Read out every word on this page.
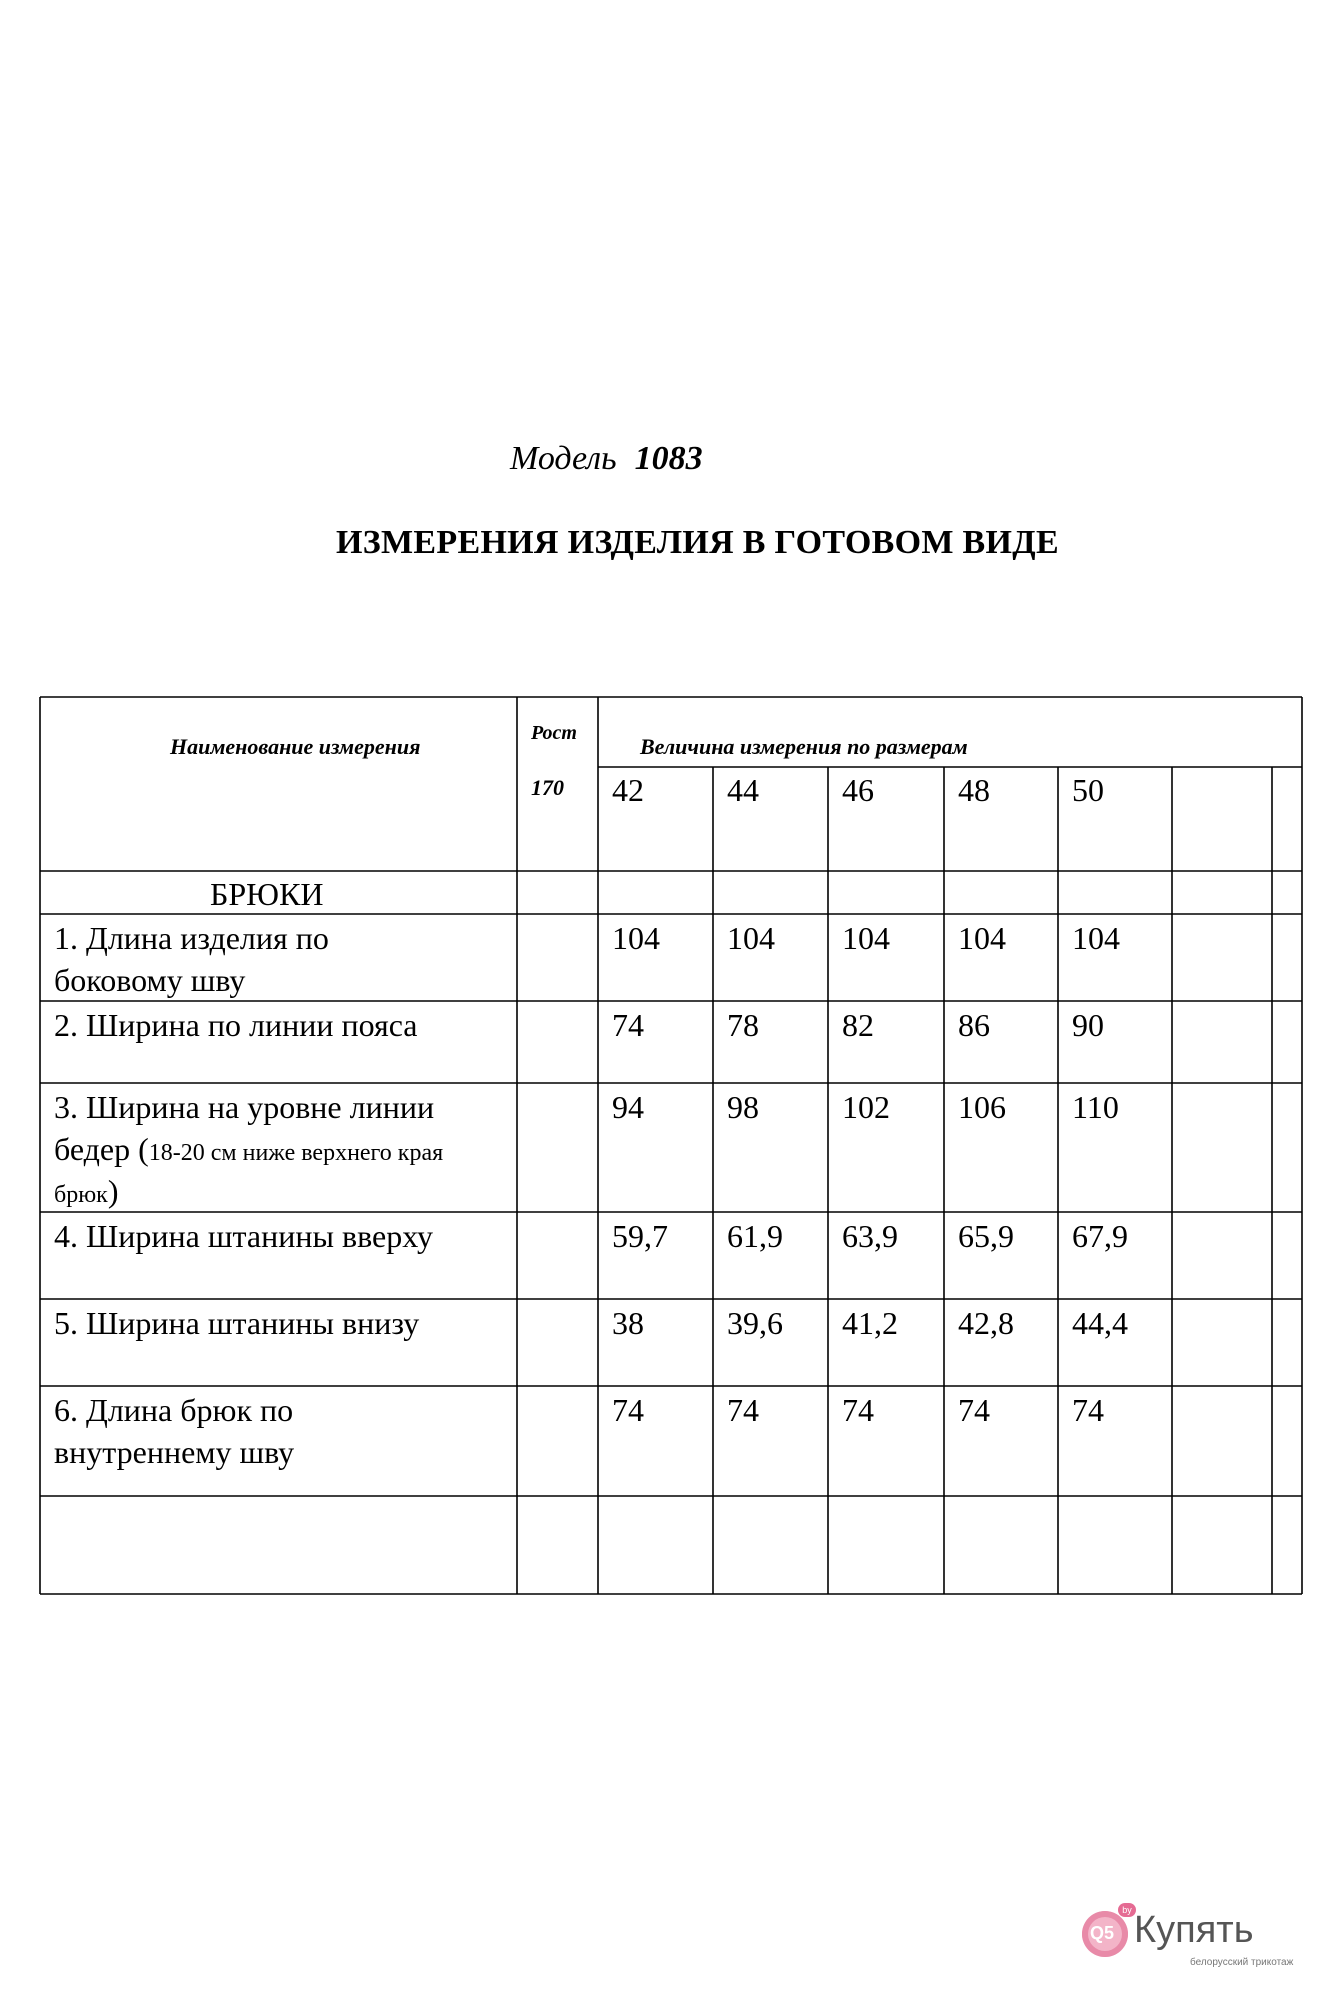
Модель 1083
ИЗМЕРЕНИЯ ИЗДЕЛИЯ В ГОТОВОМ ВИДЕ
Наименование измерения
Рост
170
Величина измерения по размерам
42	44	46	48	50
БРЮКИ
1. Длина изделия по
бoковому шву
104 104 104 104 104
2. Ширина по линии пояса	74	78	82	86	90
3. Ширина на уровне линии
бедер (18-20 см ниже верхнего края
брюк)
94	98	102 106 110
4. Ширина штанины вверху	59,7 61,9 63,9 65,9 67,9
5. Ширина штанины внизу	38	39,6 41,2 42,8 44,4
6. Длина брюк по
внутреннему шву
74	74	74	74	74
Q5
by Купять
белорусский трикотаж
